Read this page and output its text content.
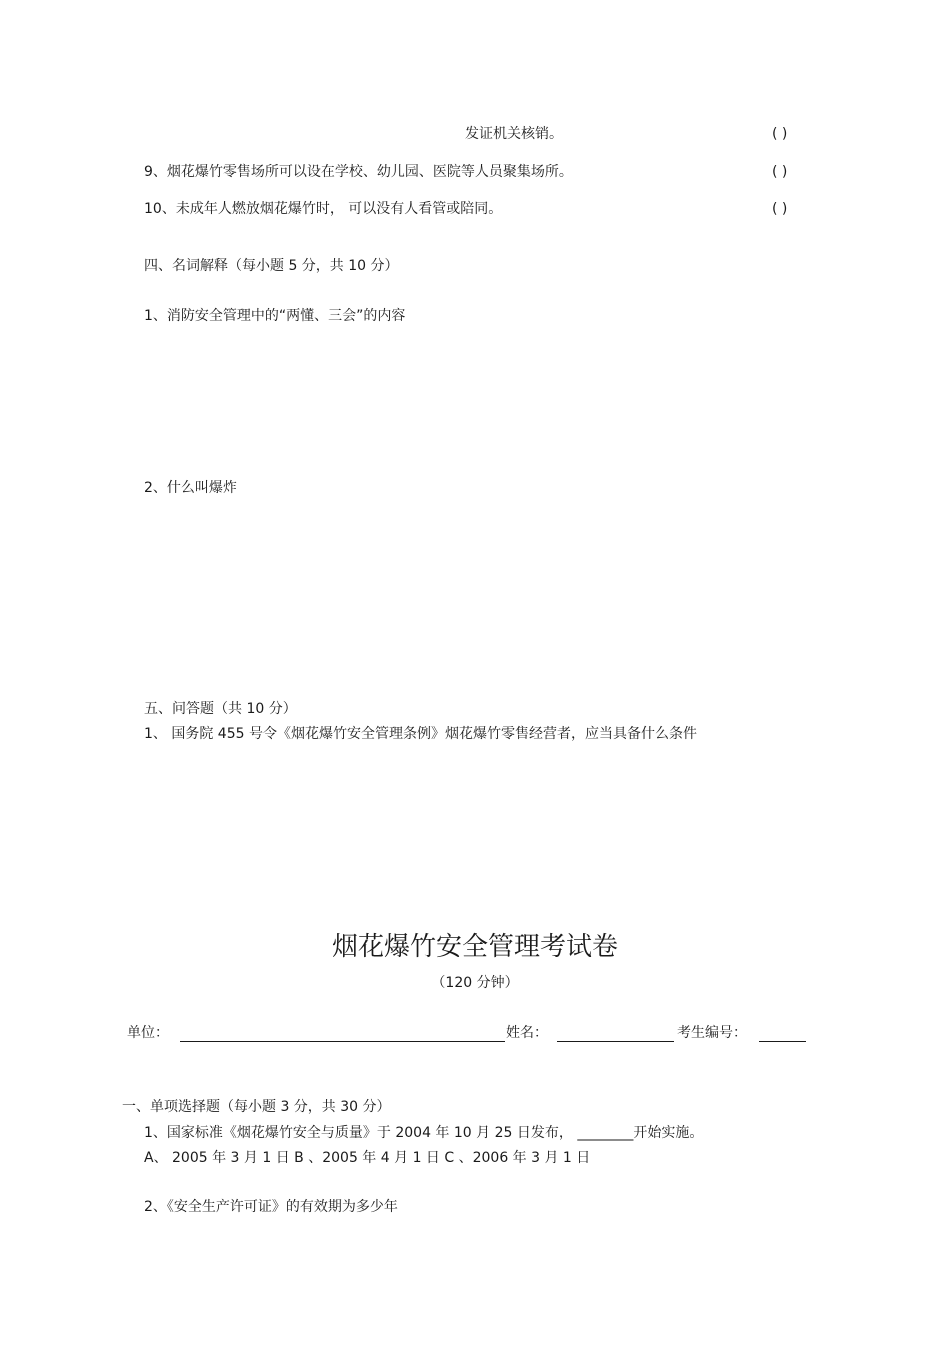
发证机关核销。	( )
9、烟花爆竹零售场所可以设在学校、幼儿园、医院等人员聚集场所。	( )
10、未成年人燃放烟花爆竹时， 可以没有人看管或陪同。	( )
四、名词解释（每小题 5 分，共 10 分）
1、消防安全管理中的“两懂、三会”的内容
2、什么叫爆炸
五、问答题（共 10 分）
1、 国务院 455 号令《烟花爆竹安全管理条例》烟花爆竹零售经营者，应当具备什么条件
烟花爆竹安全管理考试卷
（120 分钟）
单位：	姓名：	考生编号：
一、单项选择题（每小题 3 分，共 30 分）
1、国家标准《烟花爆竹安全与质量》于 2004 年 10 月 25 日发布， ________开始实施。
A、 2005 年 3 月 1 日 B 、2005 年 4 月 1 日 C 、2006 年 3 月 1 日
2、《安全生产许可证》的有效期为多少年
